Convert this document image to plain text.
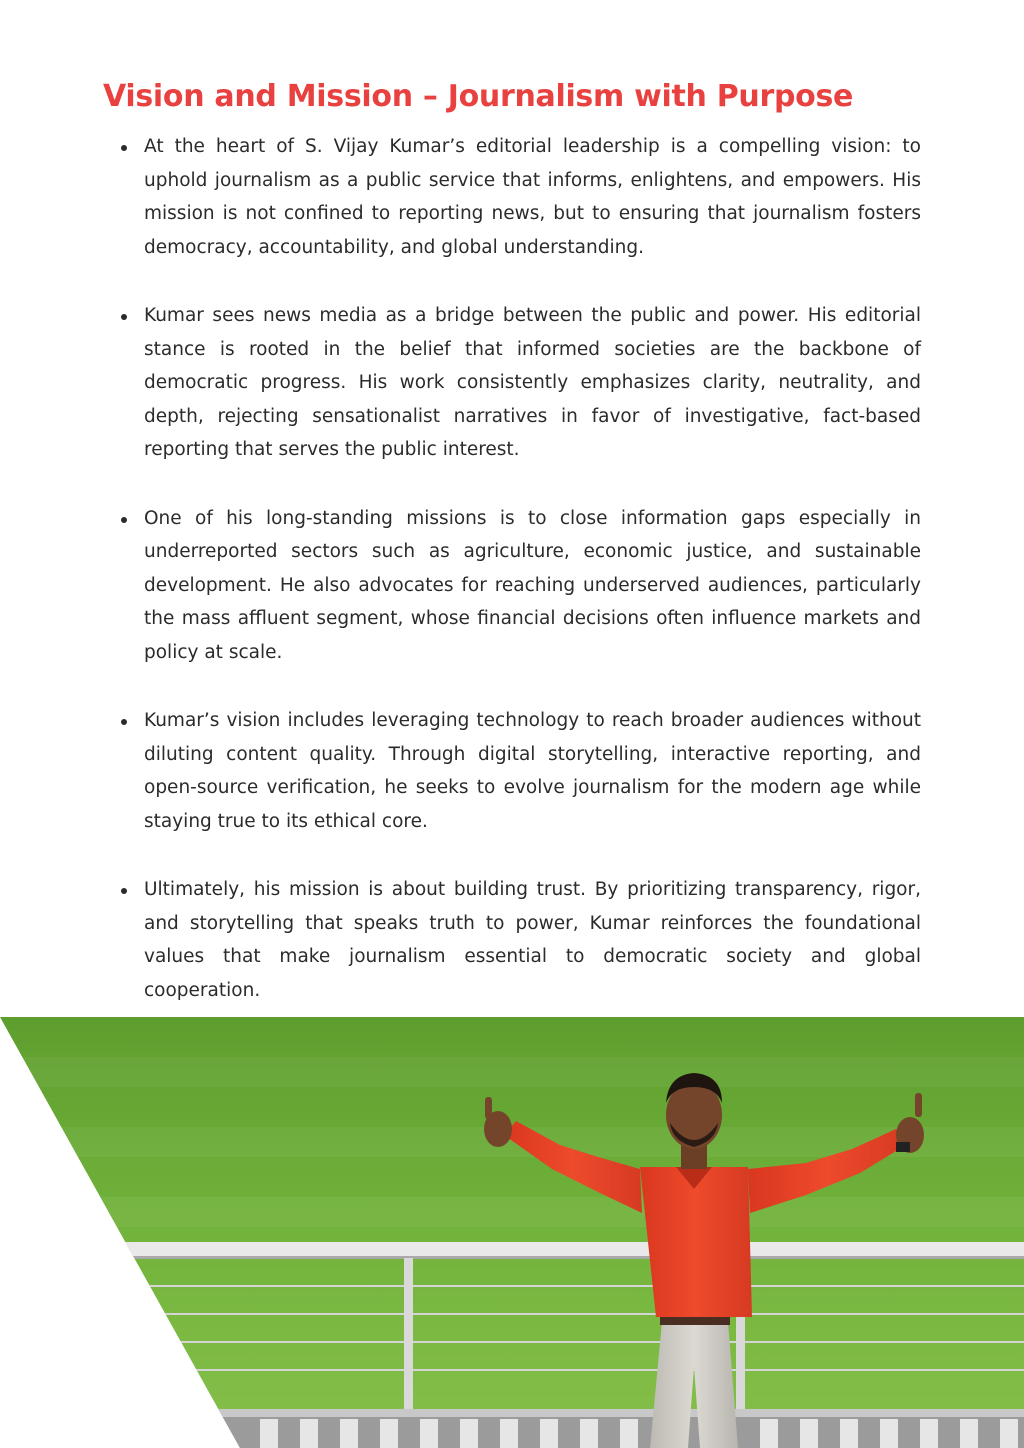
Vision and Mission – Journalism with Purpose
At the heart of S. Vijay Kumar’s editorial leadership is a compelling vision: to uphold journalism as a public service that informs, enlightens, and empowers. His mission is not confined to reporting news, but to ensuring that journalism fosters democracy, accountability, and global understanding.
Kumar sees news media as a bridge between the public and power. His editorial stance is rooted in the belief that informed societies are the backbone of democratic progress. His work consistently emphasizes clarity, neutrality, and depth, rejecting sensationalist narratives in favor of investigative, fact-based reporting that serves the public interest.
One of his long-standing missions is to close information gaps especially in underreported sectors such as agriculture, economic justice, and sustainable development. He also advocates for reaching underserved audiences, particularly the mass affluent segment, whose financial decisions often influence markets and policy at scale.
Kumar’s vision includes leveraging technology to reach broader audiences without diluting content quality. Through digital storytelling, interactive reporting, and open-source verification, he seeks to evolve journalism for the modern age while staying true to its ethical core.
Ultimately, his mission is about building trust. By prioritizing transparency, rigor, and storytelling that speaks truth to power, Kumar reinforces the foundational values that make journalism essential to democratic society and global cooperation.
